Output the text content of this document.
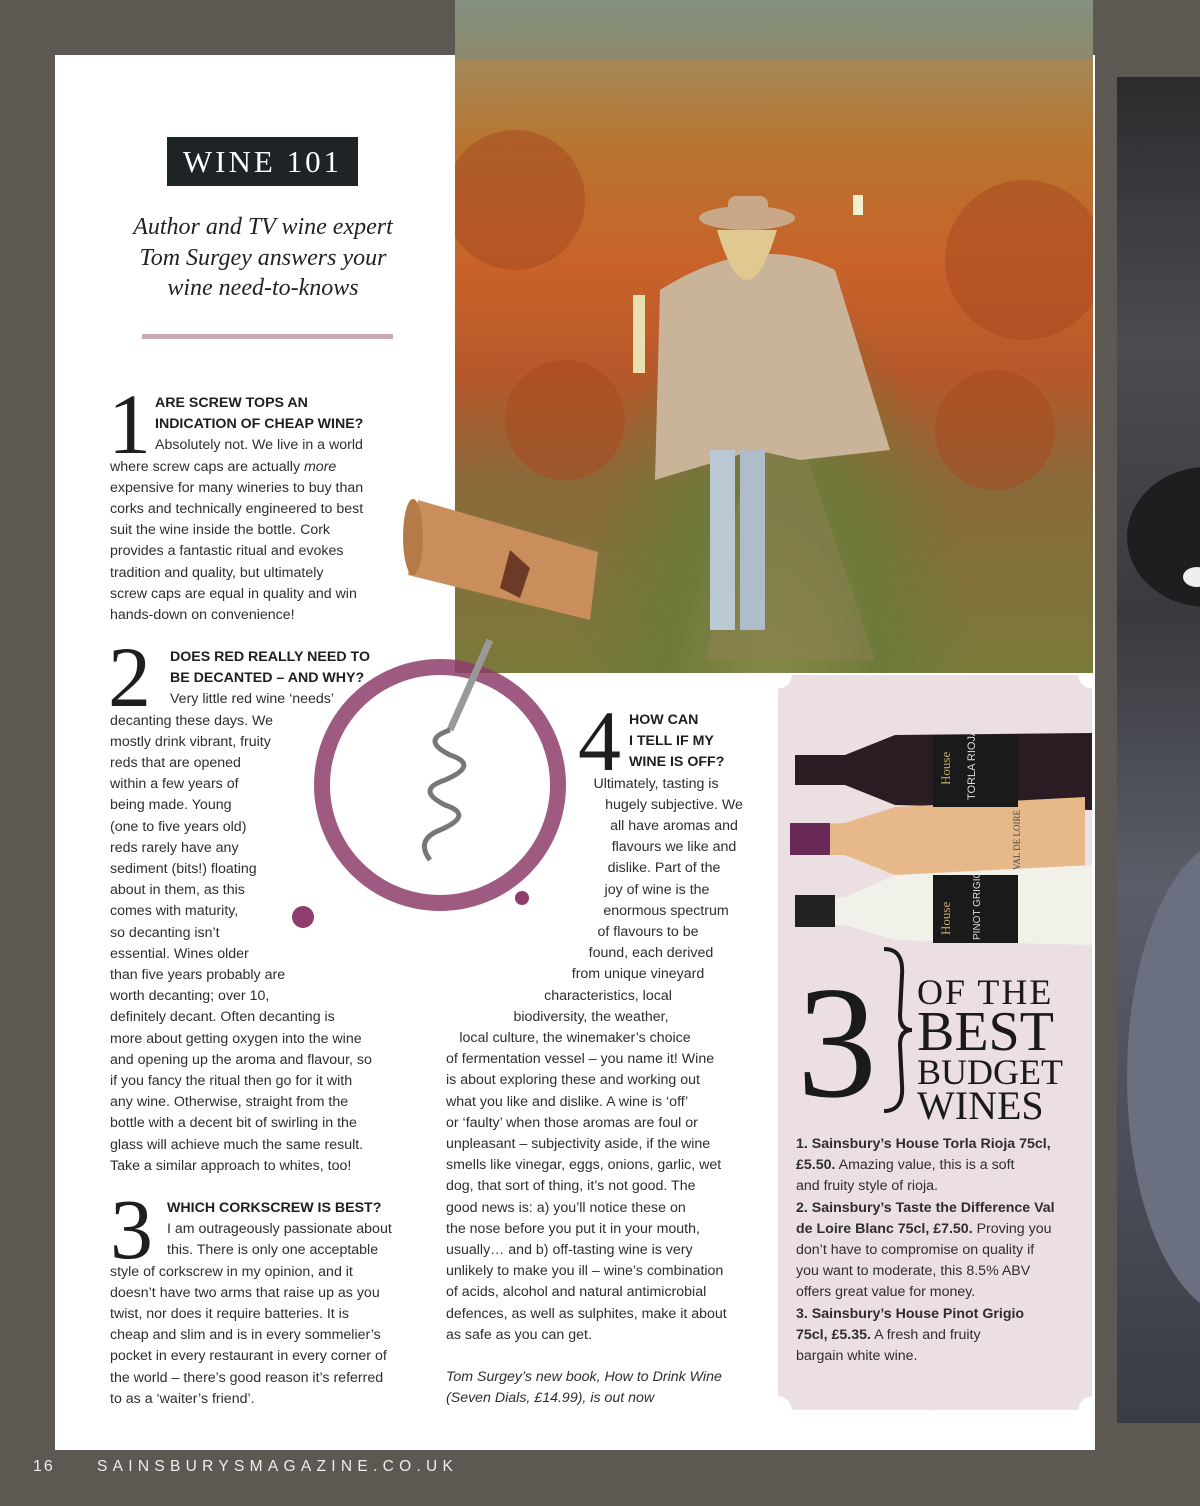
WINE 101
Author and TV wine expert
Tom Surgey answers your
wine need-to-knows
1 ARE SCREW TOPS AN
INDICATION OF CHEAP WINE?
Absolutely not. We live in a world
where screw caps are actually more
expensive for many wineries to buy than
corks and technically engineered to best
suit the wine inside the bottle. Cork
provides a fantastic ritual and evokes
tradition and quality, but ultimately
screw caps are equal in quality and win
hands-down on convenience!
2 DOES RED REALLY NEED TO
BE DECANTED – AND WHY?
Very little red wine ‘needs’
decanting these days. We
mostly drink vibrant, fruity
reds that are opened
within a few years of
being made. Young
(one to five years old)
reds rarely have any
sediment (bits!) floating
about in them, as this
comes with maturity,
so decanting isn’t
essential. Wines older
than five years probably are
worth decanting; over 10,
definitely decant. Often decanting is
more about getting oxygen into the wine
and opening up the aroma and flavour, so
if you fancy the ritual then go for it with
any wine. Otherwise, straight from the
bottle with a decent bit of swirling in the
glass will achieve much the same result.
Take a similar approach to whites, too!
3 WHICH CORKSCREW IS BEST?
I am outrageously passionate about
this. There is only one acceptable
style of corkscrew in my opinion, and it
doesn’t have two arms that raise up as you
twist, nor does it require batteries. It is
cheap and slim and is in every sommelier’s
pocket in every restaurant in every corner of
the world – there’s good reason it’s referred
to as a ‘waiter’s friend’.
4 HOW CAN
I TELL IF MY
WINE IS OFF?
Ultimately, tasting is
hugely subjective. We
all have aromas and
flavours we like and
dislike. Part of the
joy of wine is the
enormous spectrum
of flavours to be
found, each derived
from unique vineyard
characteristics, local
biodiversity, the weather,
local culture, the winemaker’s choice
of fermentation vessel – you name it! Wine
is about exploring these and working out
what you like and dislike. A wine is ‘off’
or ‘faulty’ when those aromas are foul or
unpleasant – subjectivity aside, if the wine
smells like vinegar, eggs, onions, garlic, wet
dog, that sort of thing, it’s not good. The
good news is: a) you’ll notice these on
the nose before you put it in your mouth,
usually… and b) off-tasting wine is very
unlikely to make you ill – wine’s combination
of acids, alcohol and natural antimicrobial
defences, as well as sulphites, make it about
as safe as you can get.
Tom Surgey’s new book, How to Drink Wine
(Seven Dials, £14.99), is out now
House TORLA RIOJA
VAL DE LOIRE
House PINOT GRIGIO
3 OF THE
BEST
BUDGET
WINES
1. Sainsbury’s House Torla Rioja 75cl,
£5.50. Amazing value, this is a soft
and fruity style of rioja.
2. Sainsbury’s Taste the Difference Val
de Loire Blanc 75cl, £7.50. Proving you
don’t have to compromise on quality if
you want to moderate, this 8.5% ABV
offers great value for money.
3. Sainsbury’s House Pinot Grigio
75cl, £5.35. A fresh and fruity
bargain white wine.
16	SAINSBURYSMAGAZINE.CO.UK
